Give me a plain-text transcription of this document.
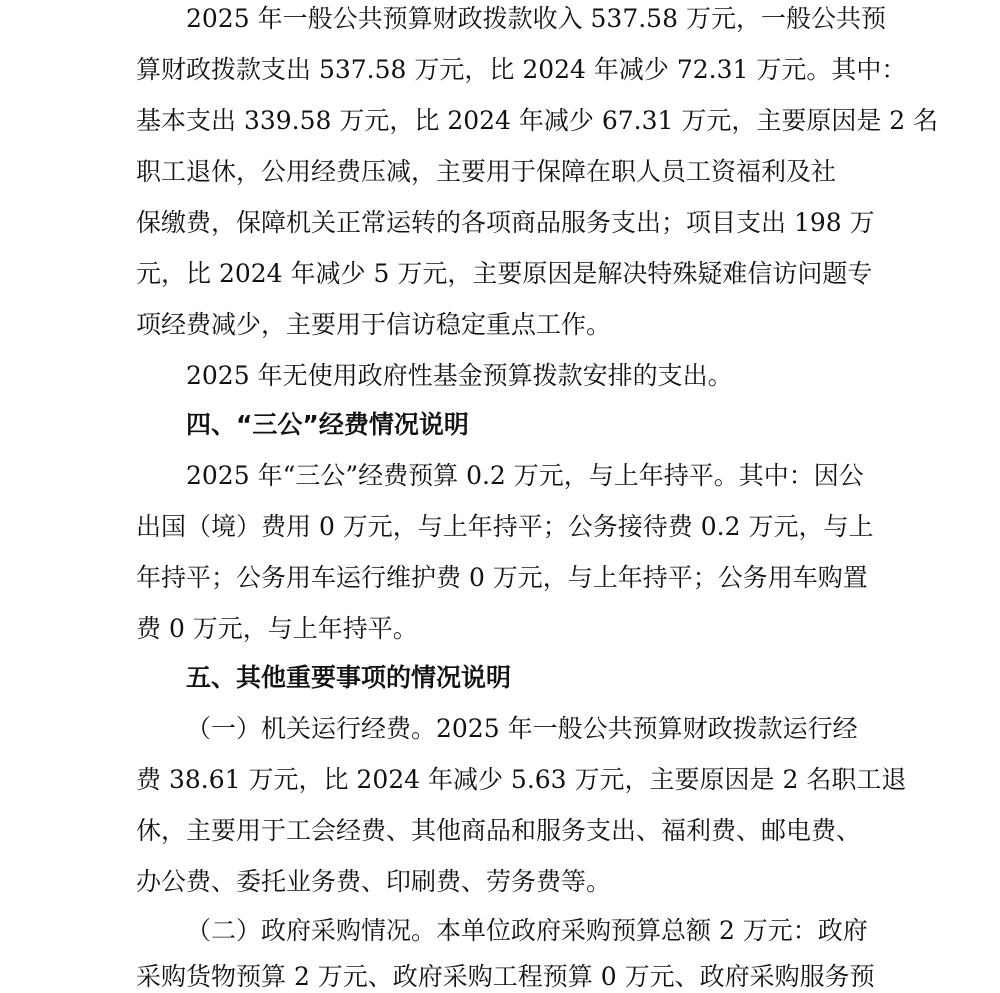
2025 年一般公共预算财政拨款收入 537.58 万元，一般公共预

算财政拨款支出 537.58 万元，比 2024 年减少 72.31 万元。其中：

基本支出 339.58 万元，比 2024 年减少 67.31 万元，主要原因是 2 名

职工退休，公用经费压减，主要用于保障在职人员工资福利及社

保缴费，保障机关正常运转的各项商品服务支出；项目支出 198 万

元，比 2024 年减少 5 万元，主要原因是解决特殊疑难信访问题专

项经费减少，主要用于信访稳定重点工作。

2025 年无使用政府性基金预算拨款安排的支出。

四、“三公”经费情况说明

2025 年“三公”经费预算 0.2 万元，与上年持平。其中：因公

出国（境）费用 0 万元，与上年持平；公务接待费 0.2 万元，与上

年持平；公务用车运行维护费 0 万元，与上年持平；公务用车购置

费 0 万元，与上年持平。

五、其他重要事项的情况说明

（一）机关运行经费。2025 年一般公共预算财政拨款运行经

费 38.61 万元，比 2024 年减少 5.63 万元，主要原因是 2 名职工退

休，主要用于工会经费、其他商品和服务支出、福利费、邮电费、

办公费、委托业务费、印刷费、劳务费等。

（二）政府采购情况。本单位政府采购预算总额 2 万元：政府

采购货物预算 2 万元、政府采购工程预算 0 万元、政府采购服务预
